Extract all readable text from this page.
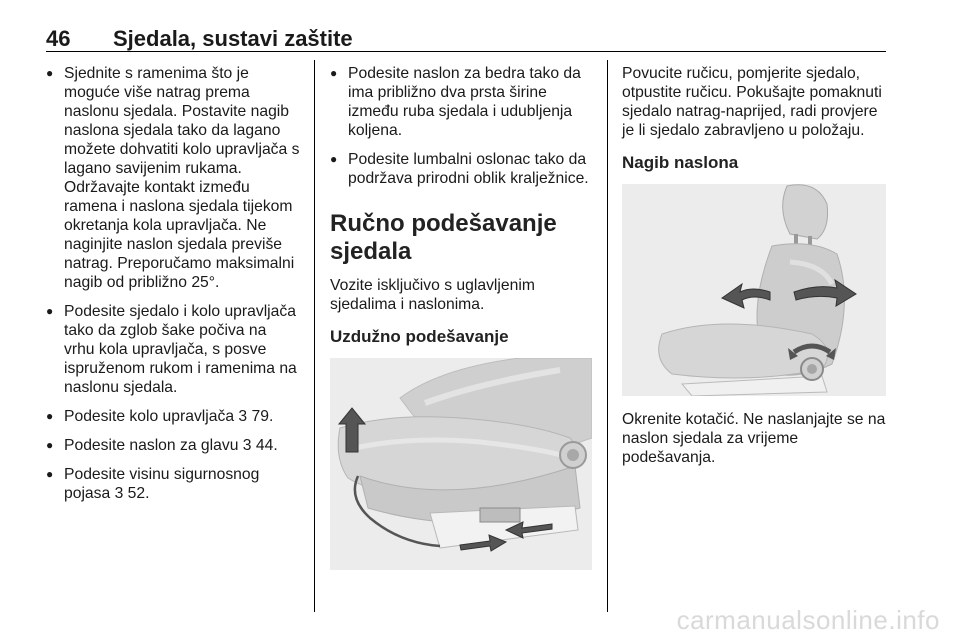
46 Sjedala, sustavi zaštite
● Sjednite s ramenima što je moguće više natrag prema naslonu sjedala. Postavite nagib naslona sjedala tako da lagano možete dohvatiti kolo upravljača s lagano savijenim rukama. Održavajte kontakt između ramena i naslona sjedala tijekom okretanja kola upravljača. Ne naginjite naslon sjedala previše natrag. Preporučamo maksimalni nagib od približno 25°.
● Podesite sjedalo i kolo upravljača tako da zglob šake počiva na vrhu kola upravljača, s posve ispruženom rukom i ramenima na naslonu sjedala.
● Podesite kolo upravljača 3 79.
● Podesite naslon za glavu 3 44.
● Podesite visinu sigurnosnog pojasa 3 52.
● Podesite naslon za bedra tako da ima približno dva prsta širine između ruba sjedala i udubljenja koljena.
● Podesite lumbalni oslonac tako da podržava prirodni oblik kralježnice.
Ručno podešavanje sjedala

Vozite isključivo s uglavljenim sjedalima i naslonima.

Uzdužno podešavanje

Povucite ručicu, pomjerite sjedalo, otpustite ručicu. Pokušajte pomaknuti sjedalo natrag-naprijed, radi provjere je li sjedalo zabravljeno u položaju.

Nagib naslona

Okrenite kotačić. Ne naslanjajte se na naslon sjedala za vrijeme podešavanja.

carmanualsonline.info
